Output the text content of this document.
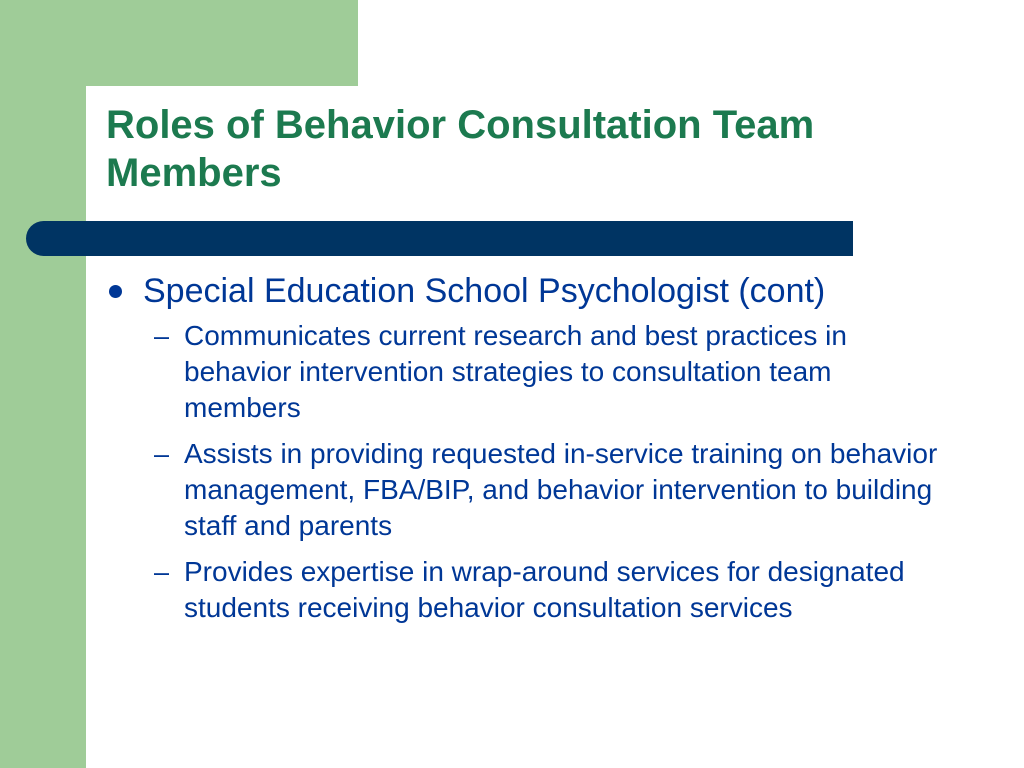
Roles of Behavior Consultation Team Members
Special Education School Psychologist (cont)
– Communicates current research and best practices in behavior intervention strategies to consultation team members
– Assists in providing requested in-service training on behavior management, FBA/BIP, and behavior intervention to building staff and parents
– Provides expertise in wrap-around services for designated students receiving behavior consultation services
